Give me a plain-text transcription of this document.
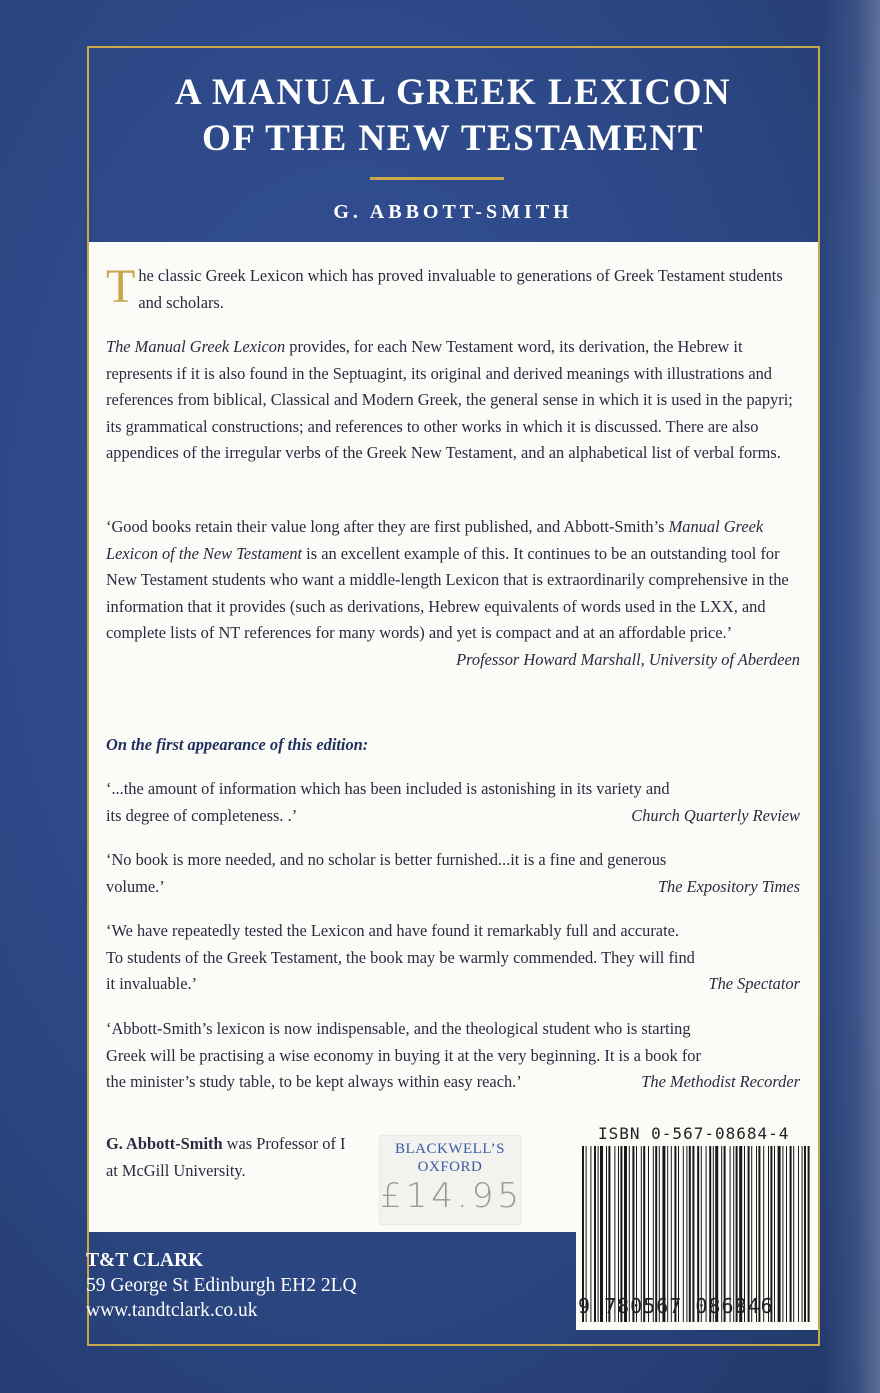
A MANUAL GREEK LEXICON
OF THE NEW TESTAMENT
G. ABBOTT-SMITH

The classic Greek Lexicon which has proved invaluable to generations of Greek Testament students and scholars.

The Manual Greek Lexicon provides, for each New Testament word, its derivation, the Hebrew it represents if it is also found in the Septuagint, its original and derived meanings with illustrations and references from biblical, Classical and Modern Greek, the general sense in which it is used in the papyri; its grammatical constructions; and references to other works in which it is discussed. There are also appendices of the irregular verbs of the Greek New Testament, and an alphabetical list of verbal forms.

‘Good books retain their value long after they are first published, and Abbott-Smith’s Manual Greek Lexicon of the New Testament is an excellent example of this. It continues to be an outstanding tool for New Testament students who want a middle-length Lexicon that is extraordinarily comprehensive in the information that it provides (such as derivations, Hebrew equivalents of words used in the LXX, and complete lists of NT references for many words) and yet is compact and at an affordable price.’

Professor Howard Marshall, University of Aberdeen

On the first appearance of this edition:

‘...the amount of information which has been included is astonishing in its variety and

its degree of completeness. .’	Church Quarterly Review

‘No book is more needed, and no scholar is better furnished...it is a fine and generous

volume.’	The Expository Times

‘We have repeatedly tested the Lexicon and have found it remarkably full and accurate.

To students of the Greek Testament, the book may be warmly commended. They will find

it invaluable.’	The Spectator

‘Abbott-Smith’s lexicon is now indispensable, and the theological student who is starting

Greek will be practising a wise economy in buying it at the very beginning. It is a book for

the minister’s study table, to be kept always within easy reach.’	The Methodist Recorder

G. Abbott-Smith was Professor of I

at McGill University.

BLACKWELL’S
OXFORD
£14.95
ISBN 0-567-08684-4
9 780567 086846
T&T CLARK
59 George St Edinburgh EH2 2LQ
www.tandtclark.co.uk
